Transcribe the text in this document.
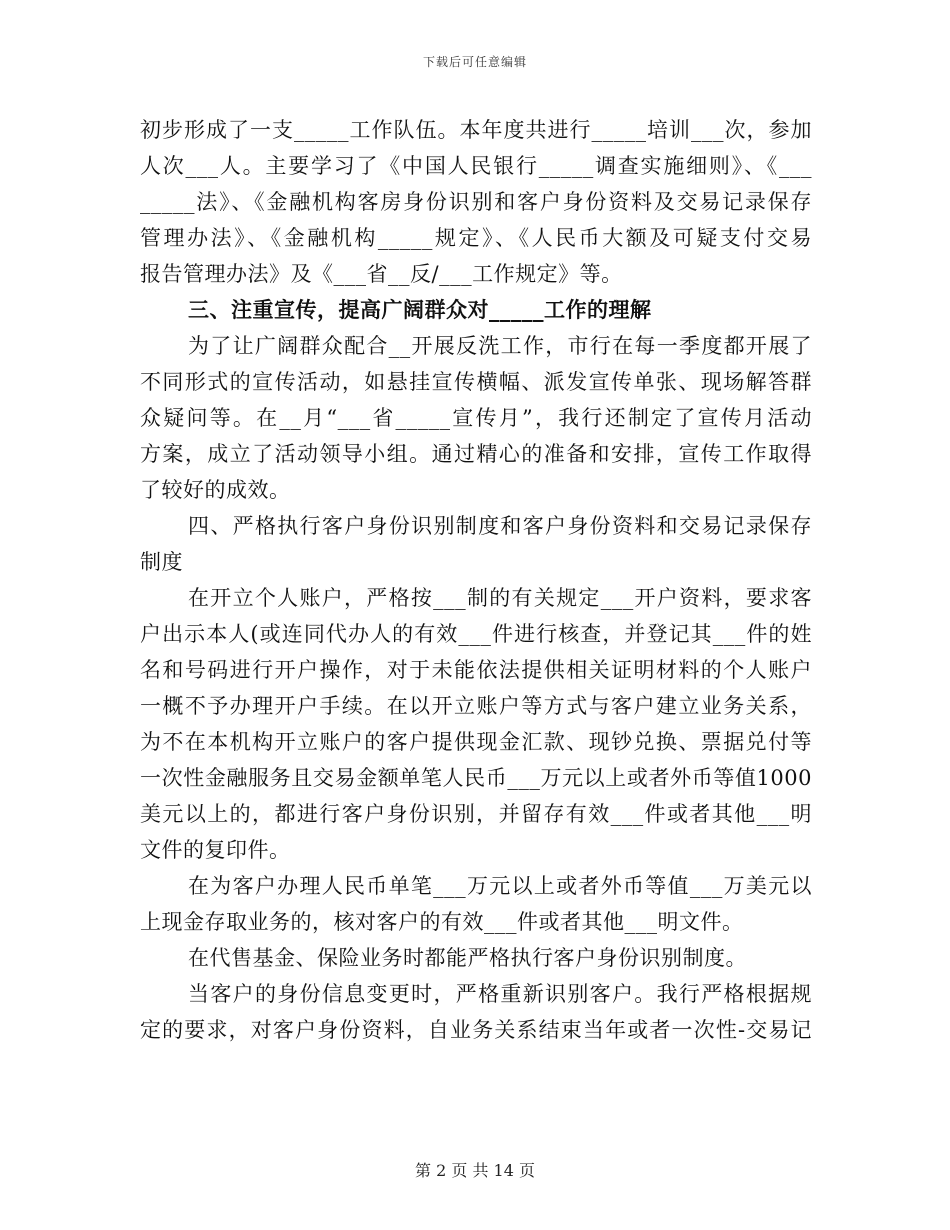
下载后可任意编辑
初步形成了一支_____工作队伍。本年度共进行_____培训___次，参加
人次___人。主要学习了《中国人民银行_____调查实施细则》、《___
_____法》、《金融机构客房身份识别和客户身份资料及交易记录保存
管理办法》、《金融机构_____规定》、《人民币大额及可疑支付交易
报告管理办法》及《___省__反/___工作规定》等。
三、注重宣传，提高广阔群众对_____工作的理解
为了让广阔群众配合__开展反洗工作，市行在每一季度都开展了
不同形式的宣传活动，如悬挂宣传横幅、派发宣传单张、现场解答群
众疑问等。在__月“___省_____宣传月”，我行还制定了宣传月活动
方案，成立了活动领导小组。通过精心的准备和安排，宣传工作取得
了较好的成效。
四、严格执行客户身份识别制度和客户身份资料和交易记录保存
制度
在开立个人账户，严格按___制的有关规定___开户资料，要求客
户出示本人(或连同代办人的有效___件进行核查，并登记其___件的姓
名和号码进行开户操作，对于未能依法提供相关证明材料的个人账户
一概不予办理开户手续。在以开立账户等方式与客户建立业务关系，
为不在本机构开立账户的客户提供现金汇款、现钞兑换、票据兑付等
一次性金融服务且交易金额单笔人民币___万元以上或者外币等值1000
美元以上的，都进行客户身份识别，并留存有效___件或者其他___明
文件的复印件。
在为客户办理人民币单笔___万元以上或者外币等值___万美元以
上现金存取业务的，核对客户的有效___件或者其他___明文件。
在代售基金、保险业务时都能严格执行客户身份识别制度。
当客户的身份信息变更时，严格重新识别客户。我行严格根据规
定的要求，对客户身份资料，自业务关系结束当年或者一次性-交易记
第 2 页 共 14 页
